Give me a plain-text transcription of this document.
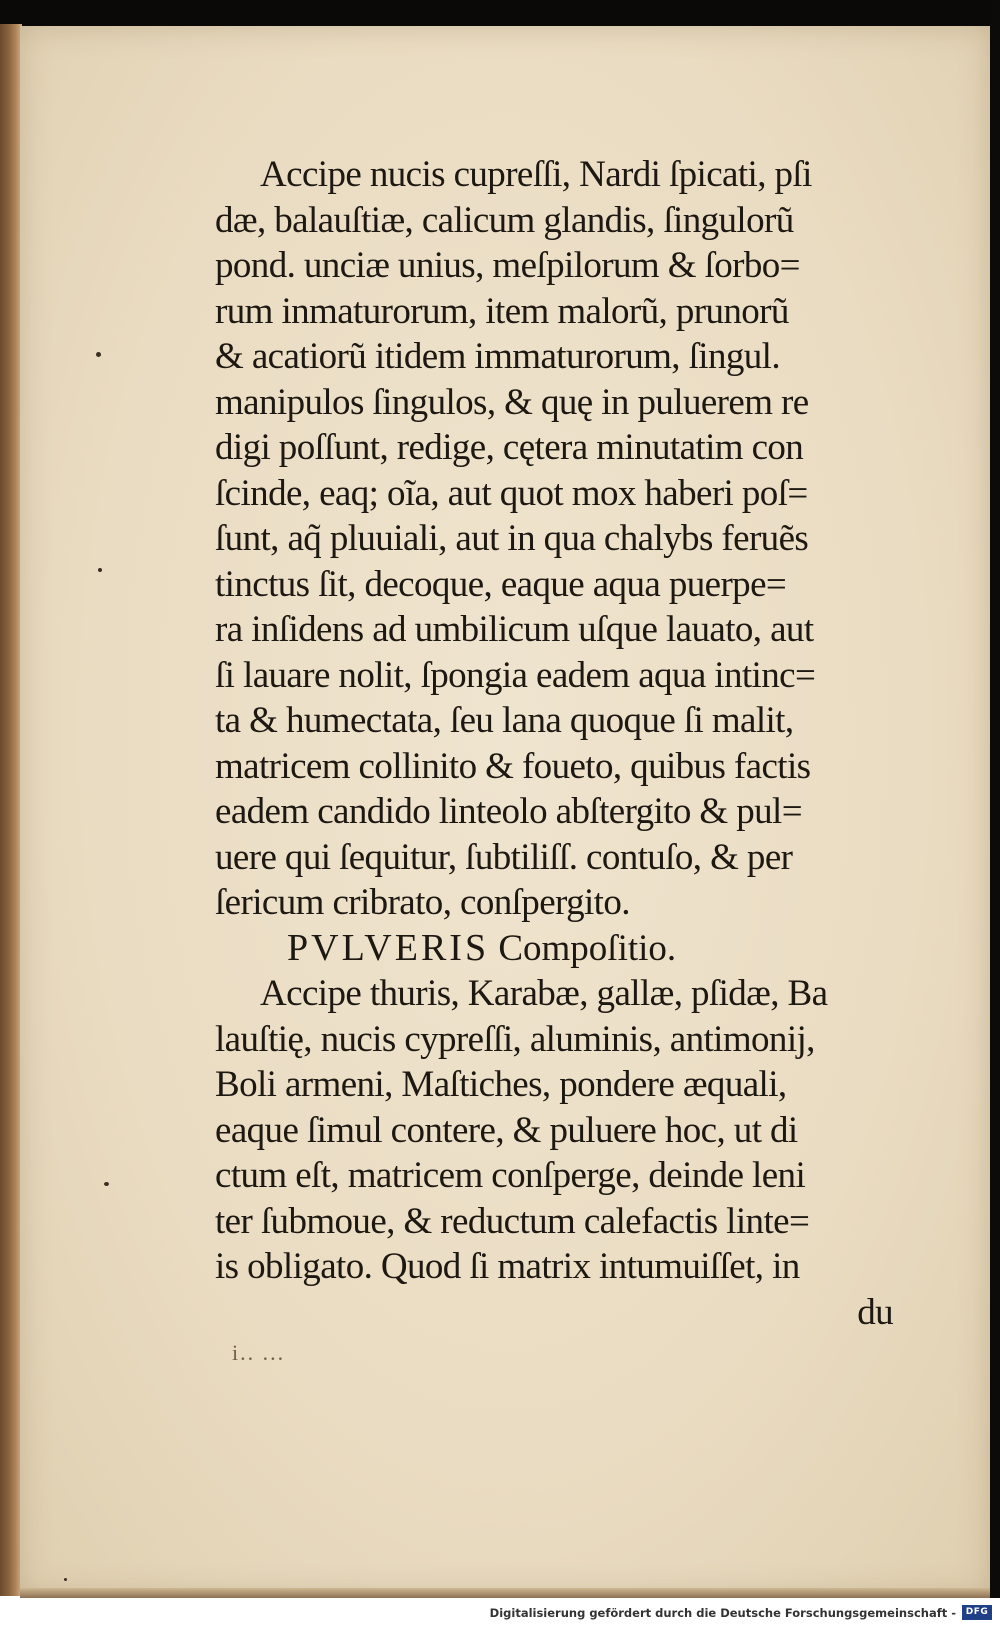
Accipe nucis cupreſſi, Nardi ſpicati, pſi
dæ, balauſtiæ, calicum glandis, ſingulorũ
pond. unciæ unius, meſpilorum & ſorbo=
rum inmaturorum, item malorũ, prunorũ
& acatiorũ itidem immaturorum, ſingul.
manipulos ſingulos, & quę in puluerem re
digi poſſunt, redige, cętera minutatim con
ſcinde, eaq; oĩa, aut quot mox haberi poſ=
ſunt, aq̃ pluuiali, aut in qua chalybs feruẽs
tinctus ſit, decoque, eaque aqua puerpe=
ra inſidens ad umbilicum uſque lauato, aut
ſi lauare nolit, ſpongia eadem aqua intinc=
ta & humectata, ſeu lana quoque ſi malit,
matricem collinito & foueto, quibus factis
eadem candido linteolo abſtergito & pul=
uere qui ſequitur, ſubtiliſſ. contuſo, & per
ſericum cribrato, conſpergito.
PVLVERIS Compoſitio.
Accipe thuris, Karabæ, gallæ, pſidæ, Ba
lauſtię, nucis cypreſſi, aluminis, antimonij,
Boli armeni, Maſtiches, pondere æquali,
eaque ſimul contere, & puluere hoc, ut di
ctum eſt, matricem conſperge, deinde leni
ter ſubmoue, & reductum calefactis linte=
is obligato. Quod ſi matrix intumuiſſet, in
du
i.. ...
Digitalisierung gefördert durch die Deutsche Forschungsgemeinschaft -	DFG
